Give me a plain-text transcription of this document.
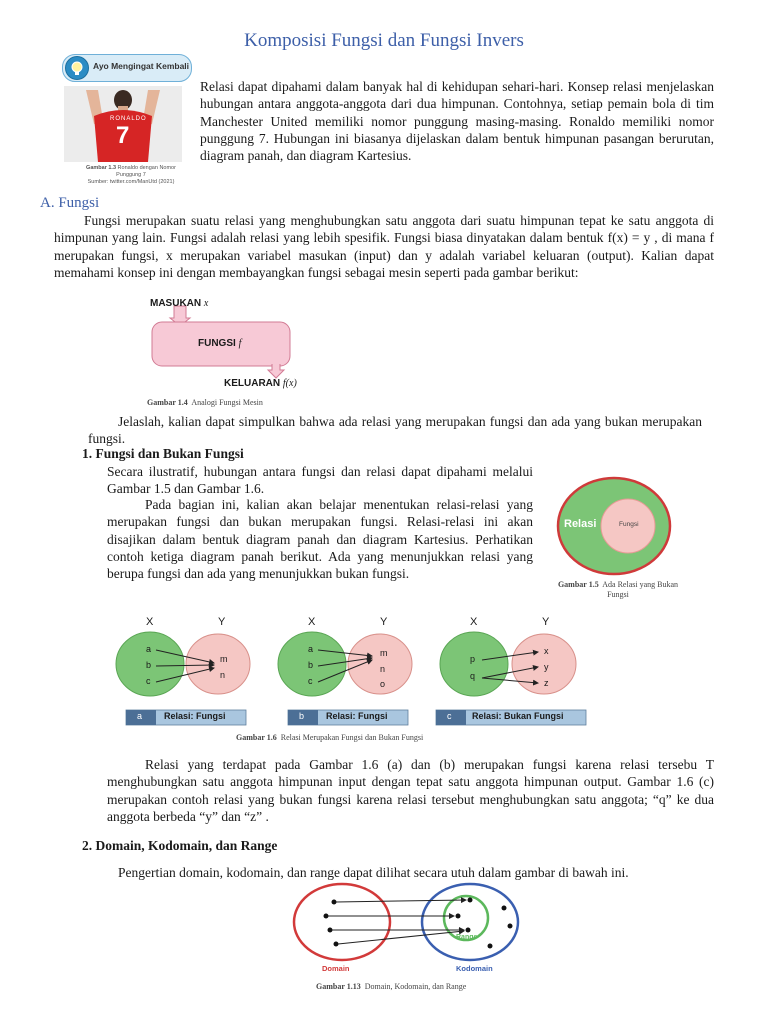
Komposisi Fungsi dan Fungsi Invers
Ayo Mengingat Kembali
RONALDO
7
Gambar 1.3 Ronaldo dengan Nomor Punggung 7
Sumber: twitter.com/ManUtd (2021)
Relasi dapat dipahami dalam banyak hal di kehidupan sehari-hari. Konsep relasi menjelaskan hubungan antara anggota-anggota dari dua himpunan. Contohnya, setiap pemain bola di tim Manchester United memiliki nomor punggung masing-masing. Ronaldo memiliki nomor punggung 7. Hubungan ini biasanya dijelaskan dalam bentuk himpunan pasangan berurutan, diagram panah, dan diagram Kartesius.
A. Fungsi
Fungsi merupakan suatu relasi yang menghubungkan satu anggota dari suatu himpunan tepat ke satu anggota di himpunan yang lain. Fungsi adalah relasi yang lebih spesifik. Fungsi biasa dinyatakan dalam bentuk f(x) = y , di mana f merupakan fungsi, x merupakan variabel masukan (input) dan y adalah variabel keluaran (output). Kalian dapat memahami konsep ini dengan membayangkan fungsi sebagai mesin seperti pada gambar berikut:
MASUKAN x
FUNGSI f
KELUARAN f(x)
Gambar 1.4 Analogi Fungsi Mesin
Jelaslah, kalian dapat simpulkan bahwa ada relasi yang merupakan fungsi dan ada yang bukan merupakan fungsi.
1. Fungsi dan Bukan Fungsi
Secara ilustratif, hubungan antara fungsi dan relasi dapat dipahami melalui Gambar 1.5 dan Gambar 1.6.
Pada bagian ini, kalian akan belajar menentukan relasi-relasi yang merupakan fungsi dan bukan merupakan fungsi. Relasi-relasi ini akan disajikan dalam bentuk diagram panah dan diagram Kartesius. Perhatikan contoh ketiga diagram panah berikut. Ada yang menunjukkan relasi yang berupa fungsi dan ada yang menunjukkan bukan fungsi.
Relasi	Fungsi
Gambar 1.5 Ada Relasi yang Bukan Fungsi
X	Y
a
b
c
m
n
a Relasi: Fungsi
X	Y
a
b
c
m
n
o
b Relasi: Fungsi
X	Y
p
q
x
y
z
c Relasi: Bukan Fungsi
Gambar 1.6 Relasi Merupakan Fungsi dan Bukan Fungsi
Relasi yang terdapat pada Gambar 1.6 (a) dan (b) merupakan fungsi karena relasi tersebu T menghubungkan satu anggota himpunan input dengan tepat satu anggota himpunan output. Gambar 1.6 (c) merupakan contoh relasi yang bukan fungsi karena relasi tersebut menghubungkan satu anggota; “q” ke dua anggota berbeda “y” dan “z” .
2. Domain, Kodomain, dan Range
Pengertian domain, kodomain, dan range dapat dilihat secara utuh dalam gambar di bawah ini.
Range
Domain	Kodomain
Gambar 1.13 Domain, Kodomain, dan Range
